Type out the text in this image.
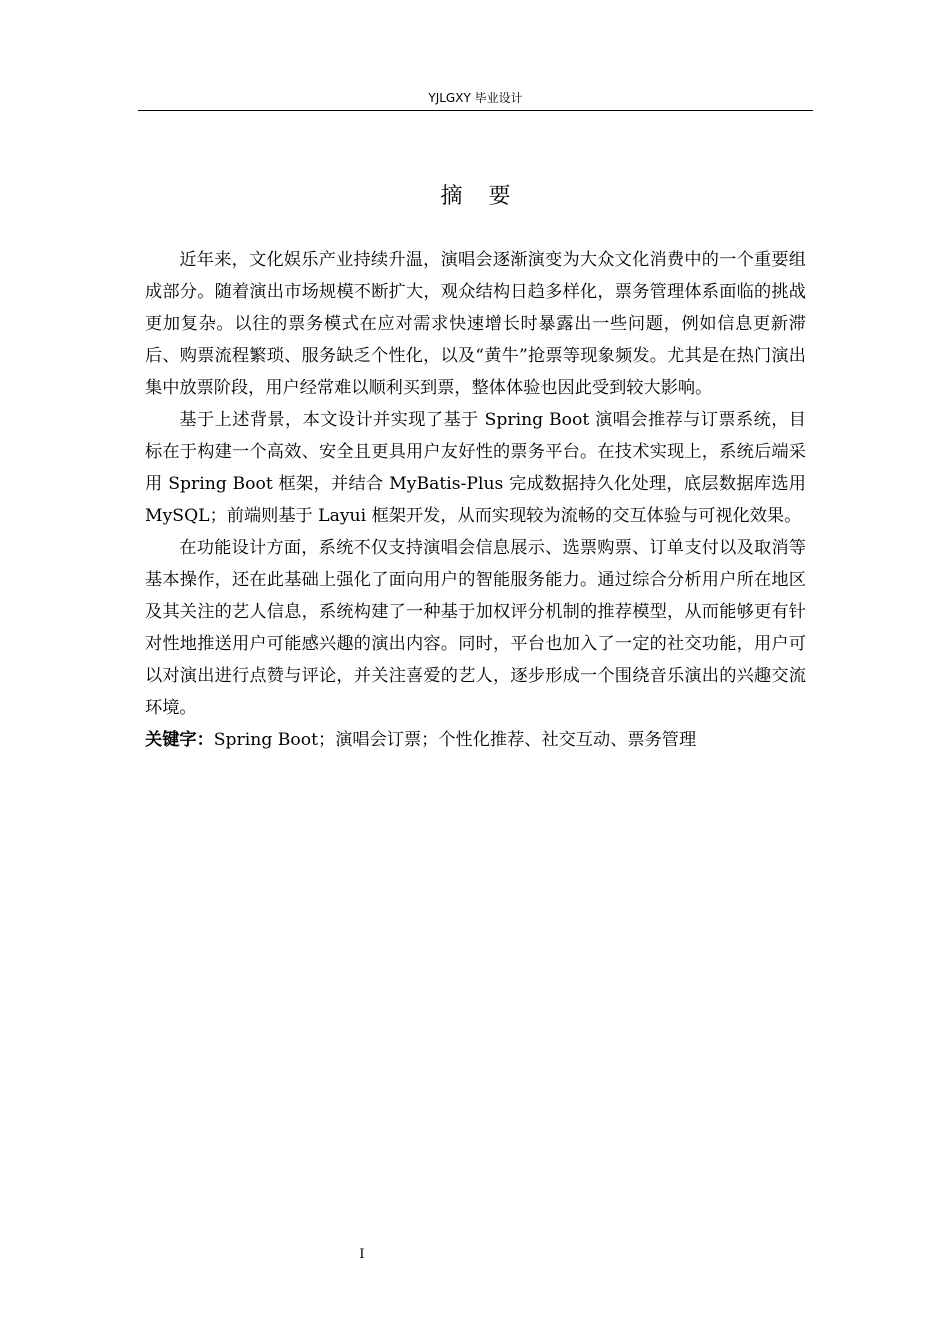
YJLGXY 毕业设计
摘要

近年来，文化娱乐产业持续升温，演唱会逐渐演变为大众文化消费中的一个重要组成部分。随着演出市场规模不断扩大，观众结构日趋多样化，票务管理体系面临的挑战更加复杂。以往的票务模式在应对需求快速增长时暴露出一些问题，例如信息更新滞后、购票流程繁琐、服务缺乏个性化，以及“黄牛”抢票等现象频发。尤其是在热门演出集中放票阶段，用户经常难以顺利买到票，整体体验也因此受到较大影响。

基于上述背景，本文设计并实现了基于 Spring Boot 演唱会推荐与订票系统，目标在于构建一个高效、安全且更具用户友好性的票务平台。在技术实现上，系统后端采用 Spring Boot 框架，并结合 MyBatis-Plus 完成数据持久化处理，底层数据库选用 MySQL；前端则基于 Layui 框架开发，从而实现较为流畅的交互体验与可视化效果。

在功能设计方面，系统不仅支持演唱会信息展示、选票购票、订单支付以及取消等基本操作，还在此基础上强化了面向用户的智能服务能力。通过综合分析用户所在地区及其关注的艺人信息，系统构建了一种基于加权评分机制的推荐模型，从而能够更有针对性地推送用户可能感兴趣的演出内容。同时，平台也加入了一定的社交功能，用户可以对演出进行点赞与评论，并关注喜爱的艺人，逐步形成一个围绕音乐演出的兴趣交流环境。

关键字：Spring Boot；演唱会订票；个性化推荐、社交互动、票务管理

I
